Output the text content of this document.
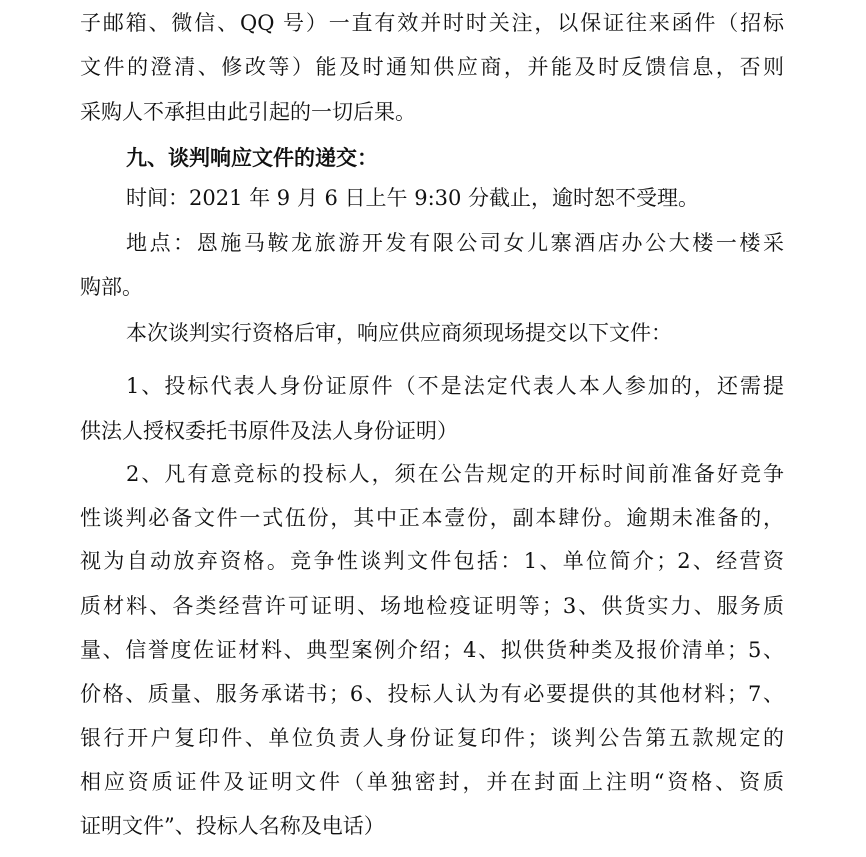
子邮箱、微信、QQ 号）一直有效并时时关注，以保证往来函件（招标
文件的澄清、修改等）能及时通知供应商，并能及时反馈信息，否则
采购人不承担由此引起的一切后果。
九、谈判响应文件的递交：
时间：2021 年 9 月 6 日上午 9:30 分截止，逾时恕不受理。
地点：恩施马鞍龙旅游开发有限公司女儿寨酒店办公大楼一楼采
购部。
本次谈判实行资格后审，响应供应商须现场提交以下文件：
1、投标代表人身份证原件（不是法定代表人本人参加的，还需提
供法人授权委托书原件及法人身份证明）
2、凡有意竞标的投标人，须在公告规定的开标时间前准备好竞争
性谈判必备文件一式伍份，其中正本壹份，副本肆份。逾期未准备的，
视为自动放弃资格。竞争性谈判文件包括：1、单位简介；2、经营资
质材料、各类经营许可证明、场地检疫证明等；3、供货实力、服务质
量、信誉度佐证材料、典型案例介绍；4、拟供货种类及报价清单；5、
价格、质量、服务承诺书；6、投标人认为有必要提供的其他材料；7、
银行开户复印件、单位负责人身份证复印件；谈判公告第五款规定的
相应资质证件及证明文件（单独密封，并在封面上注明“资格、资质
证明文件”、投标人名称及电话）
